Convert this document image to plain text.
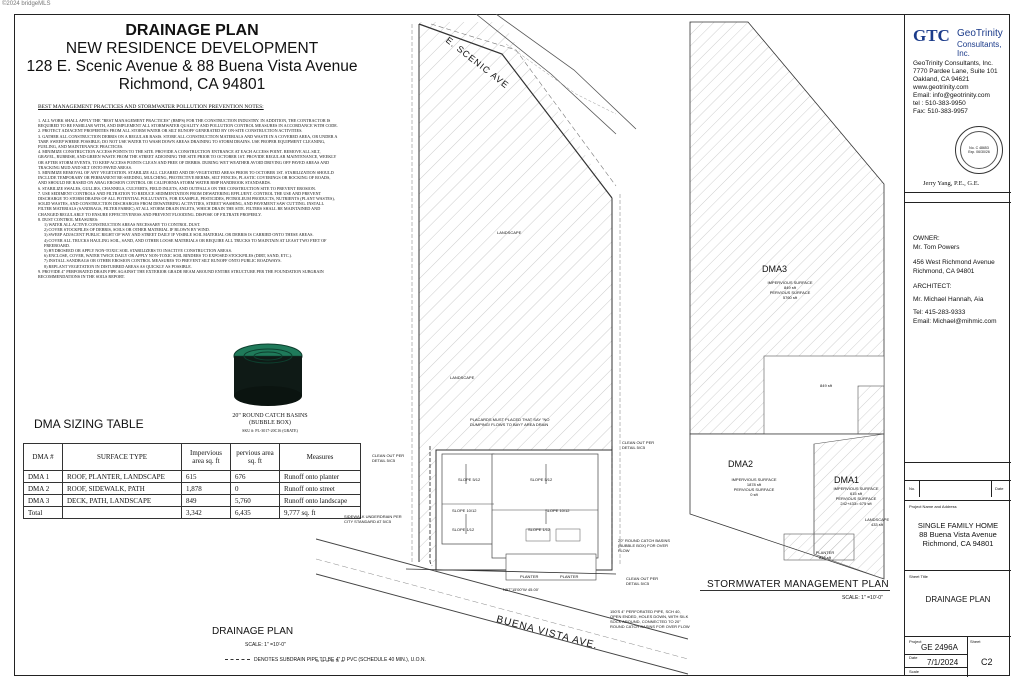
©2024 bridgeMLS
DRAINAGE PLAN
NEW RESIDENCE DEVELOPMENT
128 E. Scenic Avenue & 88 Buena Vista Avenue
Richmond, CA 94801
BEST MANAGEMENT PRACTICES AND STORMWATER POLLUTION PREVENTION NOTES:
1. ALL WORK SHALL APPLY THE "BEST MANAGEMENT PRACTICES" (BMPS) FOR THE CONSTRUCTION INDUSTRY. IN ADDITION, THE CONTRACTOR IS REQUIRED TO BE FAMILIAR WITH, AND IMPLEMENT ALL STORMWATER QUALITY AND POLLUTION CONTROL MEASURES IN ACCORDANCE WITH CODE.
2. PROTECT ADJACENT PROPERTIES FROM ALL STORM WATER OR SILT RUNOFF GENERATED BY ON-SITE CONSTRUCTION ACTIVITIES.
3. GATHER ALL CONSTRUCTION DEBRIS ON A REGULAR BASIS. STORE ALL CONSTRUCTION MATERIALS AND WASTE IN A COVERED AREA, OR UNDER A TARP. SWEEP WHERE POSSIBLE; DO NOT USE WATER TO WASH DOWN AREAS DRAINING TO STORM DRAINS. USE PROPER EQUIPMENT CLEANING, FUELING, AND MAINTENANCE PRACTICES.
4. MINIMIZE CONSTRUCTION ACCESS POINTS TO THE SITE. PROVIDE A CONSTRUCTION ENTRANCE AT EACH ACCESS POINT. REMOVE ALL SILT, GRAVEL, RUBBISH, AND GREEN WASTE FROM THE STREET ADJOINING THE SITE PRIOR TO OCTOBER 1ST. PROVIDE REGULAR MAINTENANCE, WEEKLY OR AFTER STORM EVENTS, TO KEEP ACCESS POINTS CLEAN AND FREE OF DEBRIS. DURING WET WEATHER AVOID DRIVING OFF PAVED AREAS AND TRACKING MUD AND SILT ONTO PAVED AREAS.
5. MINIMIZE REMOVAL OF ANY VEGETATION. STABILIZE ALL CLEARED AND DE-VEGETATED AREAS PRIOR TO OCTOBER 1ST. STABILIZATION SHOULD INCLUDE TEMPORARY OR PERMANENT RE-SEEDING, MULCHING, PROTECTIVE BERMS, SILT FENCES, PLASTIC COVERINGS OR ROCKING OF ROADS, AND SHOULD BE BASED ON ABAG EROSION CONTROL OR CALIFORNIA STORM WATER BMP HANDBOOK STANDARDS.
6. STABILIZE SWALES, GULLIES, CHANNELS, CULVERTS, FIELD INLETS, AND OUTFALLS ON THE CONSTRUCTION SITE TO PREVENT EROSION.
7. USE SEDIMENT CONTROLS AND FILTRATION TO REDUCE SEDIMENTATION FROM DEWATERING EFFLUENT. CONTROL THE USE AND PREVENT DISCHARGE TO STORM DRAINS OF ALL POTENTIAL POLLUTANTS, FOR EXAMPLE, PESTICIDES, PETROLEUM PRODUCTS, NUTRIENTS (PLANT WASTES), SOLID WASTES, AND CONSTRUCTION DISCHARGES FROM DEWATERING ACTIVITIES, STREET WASHING, AND PAVEMENT SAW CUTTING. INSTALL FILTER MATERIALS (SANDBAGS, FILTER FABRIC) AT ALL STORM DRAIN INLETS, WHICH DRAIN THE SITE. FILTERS SHALL BE MAINTAINED AND CHANGED REGULARLY TO ENSURE EFFECTIVENESS AND PREVENT FLOODING. DISPOSE OF FILTRATE PROPERLY.
8. DUST CONTROL MEASURES:
1) WATER ALL ACTIVE CONSTRUCTION AREAS NECESSARY TO CONTROL DUST.
2) COVER STOCKPILES OF DEBRIS, SOILS OR OTHER MATERIAL IF BLOWN BY WIND.
3) SWEEP ADJACENT PUBLIC RIGHT OF WAY AND STREET DAILY IF VISIBLE SOIL MATERIAL OR DEBRIS IS CARRIED ONTO THESE AREAS.
4) COVER ALL TRUCKS HAULING SOIL, SAND, AND OTHER LOOSE MATERIALS OR REQUIRE ALL TRUCKS TO MAINTAIN AT LEAST TWO FEET OF FREEBOARD.
5) HYDROSEED OR APPLY NON-TOXIC SOIL STABILIZERS TO INACTIVE CONSTRUCTION AREAS.
6) ENCLOSE, COVER, WATER TWICE DAILY OR APPLY NON-TOXIC SOIL BINDERS TO EXPOSED STOCKPILES (DIRT, SAND, ETC.).
7) INSTALL SANDBAGS OR OTHER EROSION CONTROL MEASURES TO PREVENT SILT RUNOFF ONTO PUBLIC ROADWAYS.
8) REPLANT VEGETATION IN DISTURBED AREAS AS QUICKLY AS POSSIBLE.
9. PROVIDE 4" PERFORATED DRAIN PIPE AGAINST THE EXTERIOR GRADE BEAM AROUND ENTIRE STRUCTURE PER THE FOUNDATION SUBGRAIN RECOMMENDATIONS IN THE SOILS REPORT.
20" ROUND CATCH BASINS
(BUBBLE BOX)
SKU #: PL-3017-20C16 (GRATE)
DMA SIZING TABLE
DMA #	SURFACE TYPE	Impervious area sq. ft	pervious area sq. ft	Measures
DMA 1	ROOF, PLANTER, LANDSCAPE	615	676	Runoff onto planter
DMA 2	ROOF, SIDEWALK, PATH	1,878	0	Runoff onto street
DMA 3	DECK, PATH, LANDSCAPE	849	5,760	Runoff onto landscape
Total		3,342	6,435	9,777 sq. ft
E. SCENIC AVE
BUENA VISTA AVE.
LANDSCAPE
LANDSCAPE
PLACARDS MUST PLACED THAT SAY "NO DUMPING! FLOWS TO BAY!" AREA DRAIN
CLEAN OUT PER DETAIL 5/C5
CLEAN OUT PER DETAIL 5/C5
SIDEWALK UNDERDRAIN PER CITY STANDARD AT 5/C5
20" ROUND CATCH BASINS (BUBBLE BOX) FOR OVER FLOW
CLEAN OUT PER DETAIL 5/C5
150'S 4" PERFORATED PIPE, SCH 40, OPEN ENDED, HOLES DOWN, WITH SILK SOCK AROUND, CONNECTED TO 20" ROUND CATCH BASINS FOR OVER FLOW
SLOPE 5/12	SLOPE 5/12
SLOPE 10/12	SLOPE 10/12
SLOPE 1/12	SLOPE 1/12
PLANTER	PLANTER
N57°15'00"W 45.00'
DRAINAGE PLAN
SCALE: 1" =10'-0"
DENOTES SUBDRAIN PIPE TO BE 4" D PVC (SCHEDULE 40 MIN.), U.O.N.
DMA3
IMPERVIOUS SURFACE
849 sft
PERVIOUS SURFACE
5760 sft
849 sft
DMA2
IMPERVIOUS SURFACE
1878 sft
PERVIOUS SURFACE
0 sft
DMA1
IMPERVIOUS SURFACE
615 sft
PERVIOUS SURFACE
242+433= 675 sft
LANDSCAPE
433 sft
PLANTER
242 sft
STORMWATER MANAGEMENT PLAN
SCALE: 1" =10'-0"
GTC GeoTrinity
Consultants, Inc.
GeoTrinity Consultants, Inc.
7770 Pardee Lane, Suite 101
Oakland, CA 94621
www.geotrinity.com
Email: info@geotrinity.com
tel : 510-383-9950
Fax: 510-383-9957
No. C 48653
Exp. 06/30/26
Jerry Yang, P.E., G.E.
OWNER:
Mr. Tom Powers
456 West Richmond Avenue
Richmond, CA 94801
ARCHITECT:
Mr. Michael Hannah, Aia
Tel: 415-283-9333
Email: Michael@mihmic.com
No.	Date
Project Name and Address
SINGLE FAMILY HOME
88 Buena Vista Avenue
Richmond, CA 94801
Sheet Title
DRAINAGE PLAN
Project
GE 2496A
Sheet
C2
Date
7/1/2024
Scale
